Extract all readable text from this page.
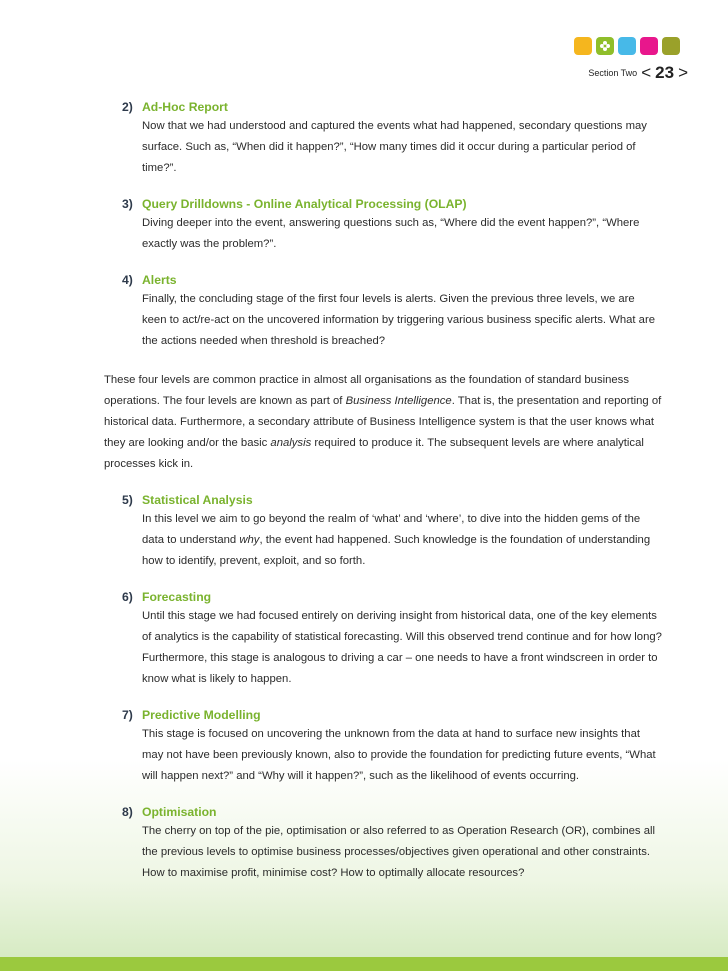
Section Two < 23 >
2) Ad-Hoc Report
Now that we had understood and captured the events what had happened, secondary questions may surface. Such as, “When did it happen?”, “How many times did it occur during a particular period of time?”.
3) Query Drilldowns - Online Analytical Processing (OLAP)
Diving deeper into the event, answering questions such as, “Where did the event happen?”, “Where exactly was the problem?”.
4) Alerts
Finally, the concluding stage of the first four levels is alerts. Given the previous three levels, we are keen to act/re-act on the uncovered information by triggering various business specific alerts. What are the actions needed when threshold is breached?
These four levels are common practice in almost all organisations as the foundation of standard business operations. The four levels are known as part of Business Intelligence. That is, the presentation and reporting of historical data. Furthermore, a secondary attribute of Business Intelligence system is that the user knows what they are looking and/or the basic analysis required to produce it. The subsequent levels are where analytical processes kick in.
5) Statistical Analysis
In this level we aim to go beyond the realm of ‘what’ and ‘where’, to dive into the hidden gems of the data to understand why, the event had happened. Such knowledge is the foundation of understanding how to identify, prevent, exploit, and so forth.
6) Forecasting
Until this stage we had focused entirely on deriving insight from historical data, one of the key elements of analytics is the capability of statistical forecasting. Will this observed trend continue and for how long? Furthermore, this stage is analogous to driving a car – one needs to have a front windscreen in order to know what is likely to happen.
7) Predictive Modelling
This stage is focused on uncovering the unknown from the data at hand to surface new insights that may not have been previously known, also to provide the foundation for predicting future events, “What will happen next?” and “Why will it happen?”, such as the likelihood of events occurring.
8) Optimisation
The cherry on top of the pie, optimisation or also referred to as Operation Research (OR), combines all the previous levels to optimise business processes/objectives given operational and other constraints. How to maximise profit, minimise cost? How to optimally allocate resources?
